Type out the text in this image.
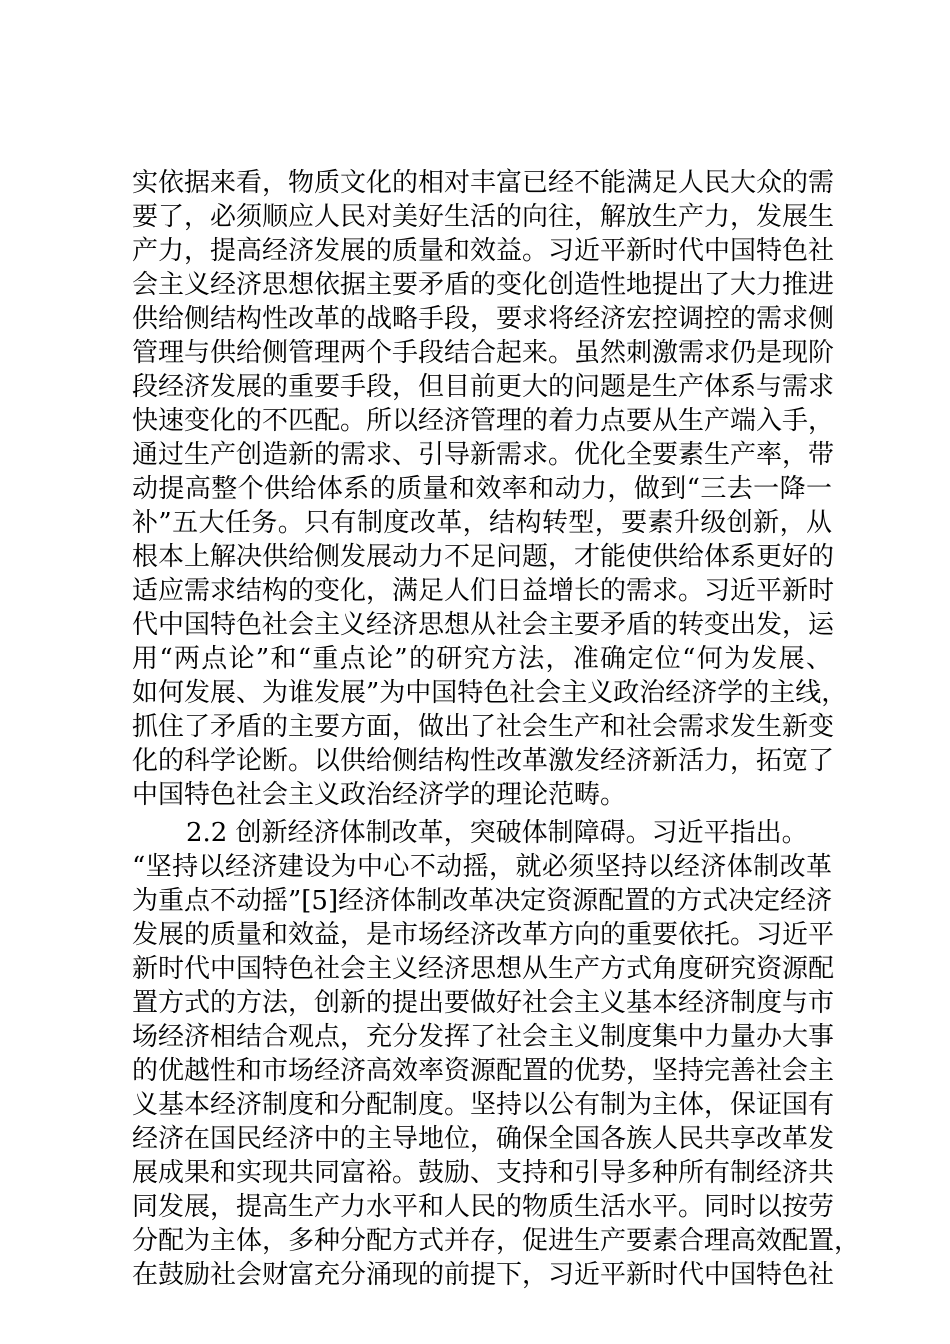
实依据来看，物质文化的相对丰富已经不能满足人民大众的需
要了，必须顺应人民对美好生活的向往，解放生产力，发展生
产力，提高经济发展的质量和效益。习近平新时代中国特色社
会主义经济思想依据主要矛盾的变化创造性地提出了大力推进
供给侧结构性改革的战略手段，要求将经济宏控调控的需求侧
管理与供给侧管理两个手段结合起来。虽然刺激需求仍是现阶
段经济发展的重要手段，但目前更大的问题是生产体系与需求
快速变化的不匹配。所以经济管理的着力点要从生产端入手，
通过生产创造新的需求、引导新需求。优化全要素生产率，带
动提高整个供给体系的质量和效率和动力，做到“三去一降一
补”五大任务。只有制度改革，结构转型，要素升级创新，从
根本上解决供给侧发展动力不足问题，才能使供给体系更好的
适应需求结构的变化，满足人们日益增长的需求。习近平新时
代中国特色社会主义经济思想从社会主要矛盾的转变出发，运
用“两点论”和“重点论”的研究方法，准确定位“何为发展、
如何发展、为谁发展”为中国特色社会主义政治经济学的主线，
抓住了矛盾的主要方面，做出了社会生产和社会需求发生新变
化的科学论断。以供给侧结构性改革激发经济新活力，拓宽了
中国特色社会主义政治经济学的理论范畴。
2.2 创新经济体制改革，突破体制障碍。习近平指出。
“坚持以经济建设为中心不动摇，就必须坚持以经济体制改革
为重点不动摇”[5]经济体制改革决定资源配置的方式决定经济
发展的质量和效益，是市场经济改革方向的重要依托。习近平
新时代中国特色社会主义经济思想从生产方式角度研究资源配
置方式的方法，创新的提出要做好社会主义基本经济制度与市
场经济相结合观点，充分发挥了社会主义制度集中力量办大事
的优越性和市场经济高效率资源配置的优势，坚持完善社会主
义基本经济制度和分配制度。坚持以公有制为主体，保证国有
经济在国民经济中的主导地位，确保全国各族人民共享改革发
展成果和实现共同富裕。鼓励、支持和引导多种所有制经济共
同发展，提高生产力水平和人民的物质生活水平。同时以按劳
分配为主体，多种分配方式并存，促进生产要素合理高效配置，
在鼓励社会财富充分涌现的前提下，习近平新时代中国特色社
